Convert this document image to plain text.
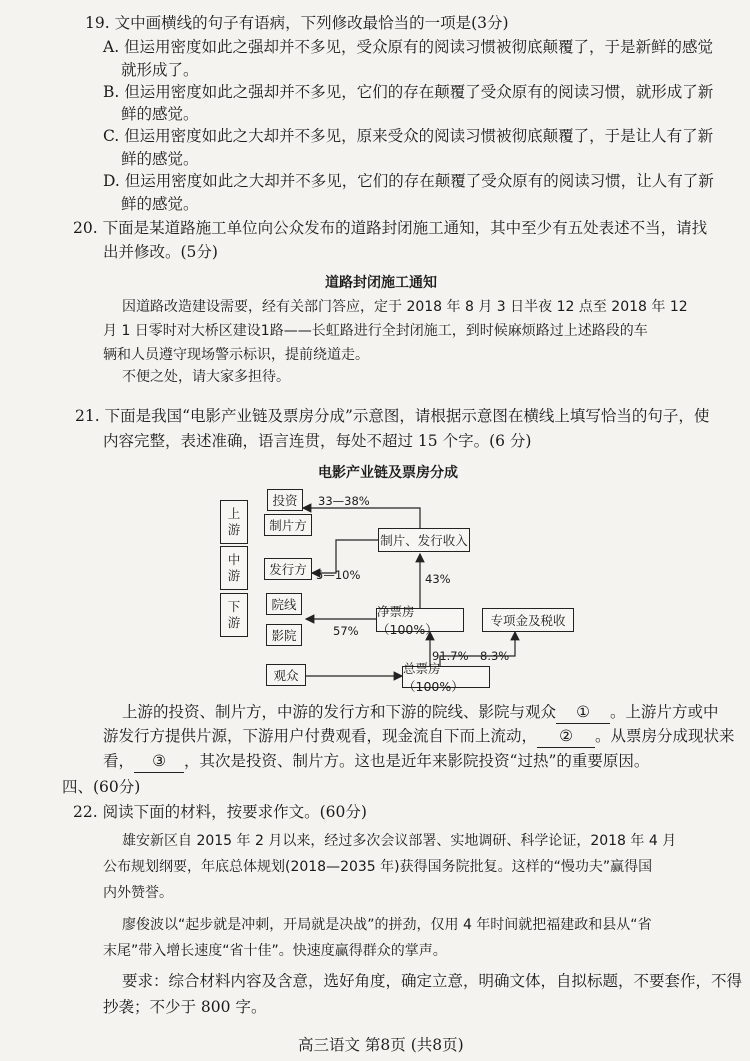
19. 文中画横线的句子有语病，下列修改最恰当的一项是(3分)
A. 但运用密度如此之强却并不多见，受众原有的阅读习惯被彻底颠覆了，于是新鲜的感觉
就形成了。
B. 但运用密度如此之强却并不多见，它们的存在颠覆了受众原有的阅读习惯，就形成了新
鲜的感觉。
C. 但运用密度如此之大却并不多见，原来受众的阅读习惯被彻底颠覆了，于是让人有了新
鲜的感觉。
D. 但运用密度如此之大却并不多见，它们的存在颠覆了受众原有的阅读习惯，让人有了新
鲜的感觉。
20. 下面是某道路施工单位向公众发布的道路封闭施工通知，其中至少有五处表述不当，请找
出并修改。(5分)
道路封闭施工通知
因道路改造建设需要，经有关部门答应，定于 2018 年 8 月 3 日半夜 12 点至 2018 年 12
月 1 日零时对大桥区建设1路——长虹路进行全封闭施工，到时候麻烦路过上述路段的车
辆和人员遵守现场警示标识，提前绕道走。
不便之处，请大家多担待。
21. 下面是我国“电影产业链及票房分成”示意图，请根据示意图在横线上填写恰当的句子，使
内容完整，表述准确，语言连贯，每处不超过 15 个字。(6 分)
电影产业链及票房分成
上
游
中
游
下
游
投资
制片方
发行方
院线
影院
观众
制片、发行收入
净票房（100%）
专项金及税收
总票房（100%）
33—38%
5—10%	43%
57%
91.7% 8.3%
上游的投资、制片方，中游的发行方和下游的院线、影院与观众 ① 。上游片方或中
游发行方提供片源，下游用户付费观看，现金流自下而上流动， ② 。从票房分成现状来
看， ③ ，其次是投资、制片方。这也是近年来影院投资“过热”的重要原因。
四、(60分)
22. 阅读下面的材料，按要求作文。(60分)
雄安新区自 2015 年 2 月以来，经过多次会议部署、实地调研、科学论证，2018 年 4 月
公布规划纲要，年底总体规划(2018—2035 年)获得国务院批复。这样的“慢功夫”赢得国
内外赞誉。
廖俊波以“起步就是冲刺，开局就是决战”的拼劲，仅用 4 年时间就把福建政和县从“省
末尾”带入增长速度“省十佳”。快速度赢得群众的掌声。
要求：综合材料内容及含意，选好角度，确定立意，明确文体，自拟标题，不要套作，不得
抄袭；不少于 800 字。
高三语文 第8页 (共8页)
